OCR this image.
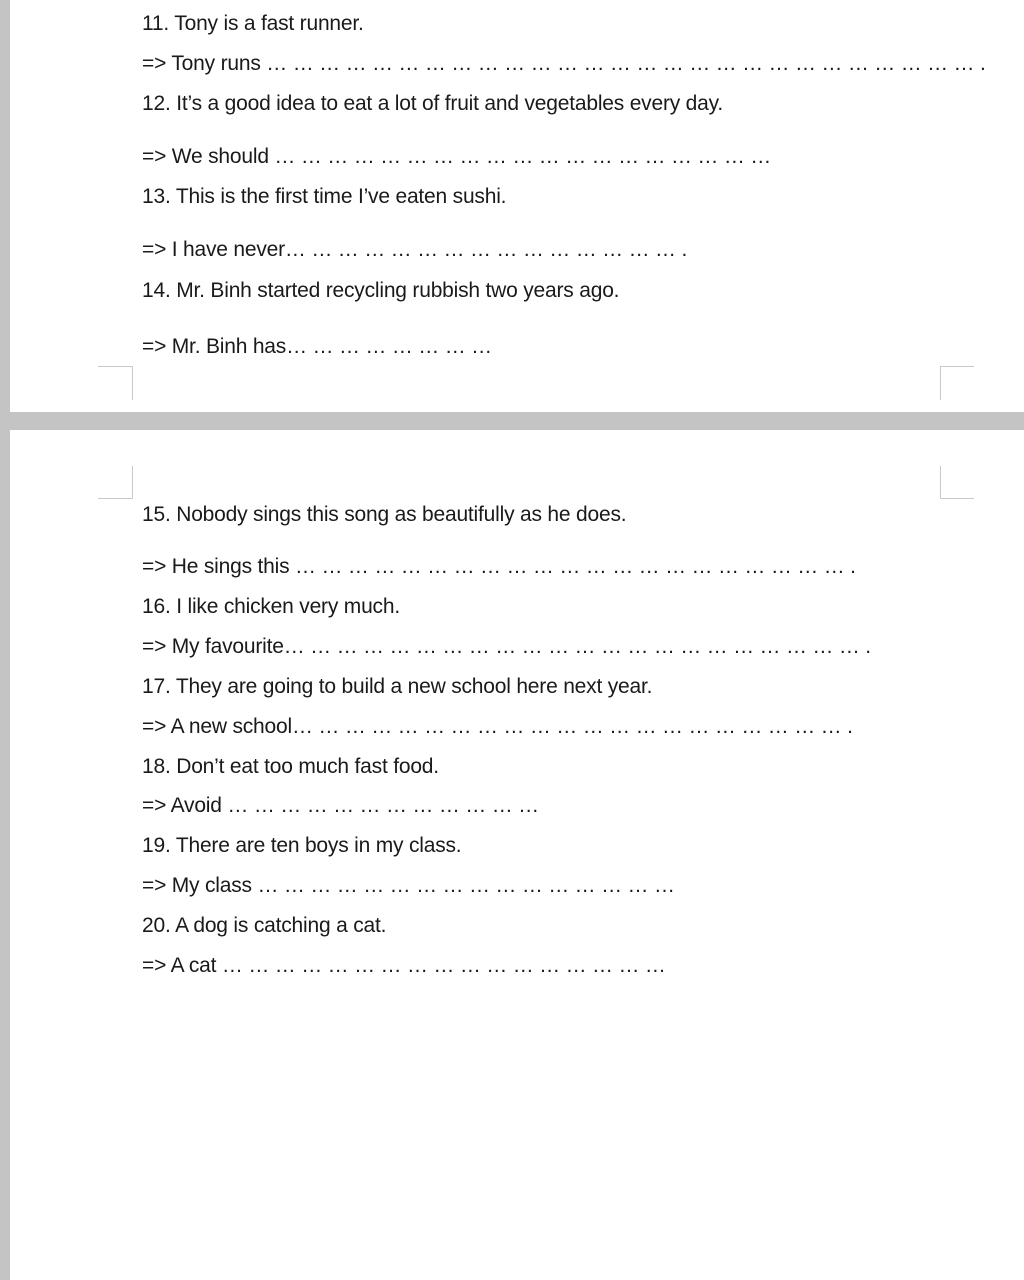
11. Tony is a fast runner.
=> Tony runs … … … … … … … … … … … … … … … … … … … … … … … … … … … .
12. It’s a good idea to eat a lot of fruit and vegetables every day.
=> We should … … … … … … … … … … … … … … … … … … …
13. This is the first time I’ve eaten sushi.
=> I have never… … … … … … … … … … … … … … … .
14. Mr. Binh started recycling rubbish two years ago.
=> Mr. Binh has… … … … … … … …
15. Nobody sings this song as beautifully as he does.
=> He sings this … … … … … … … … … … … … … … … … … … … … … .
16. I like chicken very much.
=> My favourite… … … … … … … … … … … … … … … … … … … … … … .
17. They are going to build a new school here next year.
=> A new school… … … … … … … … … … … … … … … … … … … … … .
18. Don’t eat too much fast food.
=> Avoid … … … … … … … … … … … …
19. There are ten boys in my class.
=> My class … … … … … … … … … … … … … … … …
20. A dog is catching a cat.
=> A cat … … … … … … … … … … … … … … … … …
